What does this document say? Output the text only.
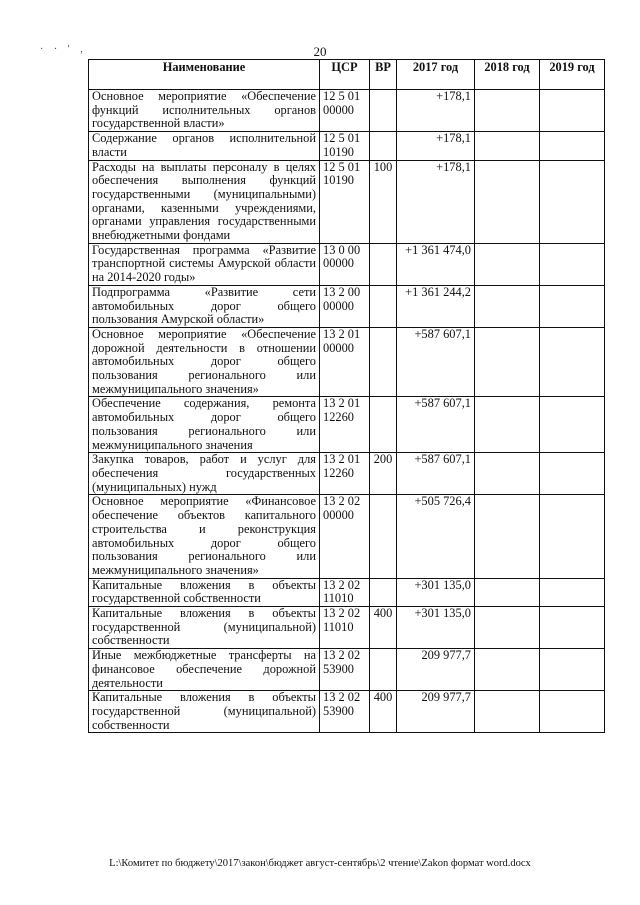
· · ′ ,	20
Наименование	ЦСР	ВР	2017 год	2018 год	2019 год
Основное мероприятие «Обеспечение функций исполнительных органов государственной власти»	12 5 01 00000		+178,1		
Содержание органов исполнительной власти	12 5 01 10190		+178,1		
Расходы на выплаты персоналу в целях обеспечения выполнения функций государственными (муниципальными) органами, казенными учреждениями, органами управления государственными внебюджетными фондами	12 5 01 10190	100	+178,1		
Государственная программа «Развитие транспортной системы Амурской области на 2014-2020 годы»	13 0 00 00000		+1 361 474,0		
Подпрограмма «Развитие сети автомобильных дорог общего пользования Амурской области»	13 2 00 00000		+1 361 244,2		
Основное мероприятие «Обеспечение дорожной деятельности в отношении автомобильных дорог общего пользования регионального или межмуниципального значения»	13 2 01 00000		+587 607,1		
Обеспечение содержания, ремонта автомобильных дорог общего пользования регионального или межмуниципального значения	13 2 01 12260		+587 607,1		
Закупка товаров, работ и услуг для обеспечения государственных (муниципальных) нужд	13 2 01 12260	200	+587 607,1		
Основное мероприятие «Финансовое обеспечение объектов капитального строительства и реконструкция автомобильных дорог общего пользования регионального или межмуниципального значения»	13 2 02 00000		+505 726,4		
Капитальные вложения в объекты государственной собственности	13 2 02 11010		+301 135,0		
Капитальные вложения в объекты государственной (муниципальной) собственности	13 2 02 11010	400	+301 135,0		
Иные межбюджетные трансферты на финансовое обеспечение дорожной деятельности	13 2 02 53900		209 977,7		
Капитальные вложения в объекты государственной (муниципальной) собственности	13 2 02 53900	400	209 977,7		
L:\Комитет по бюджету\2017\закон\бюджет август-сентябрь\2 чтение\Zakon формат word.docx
